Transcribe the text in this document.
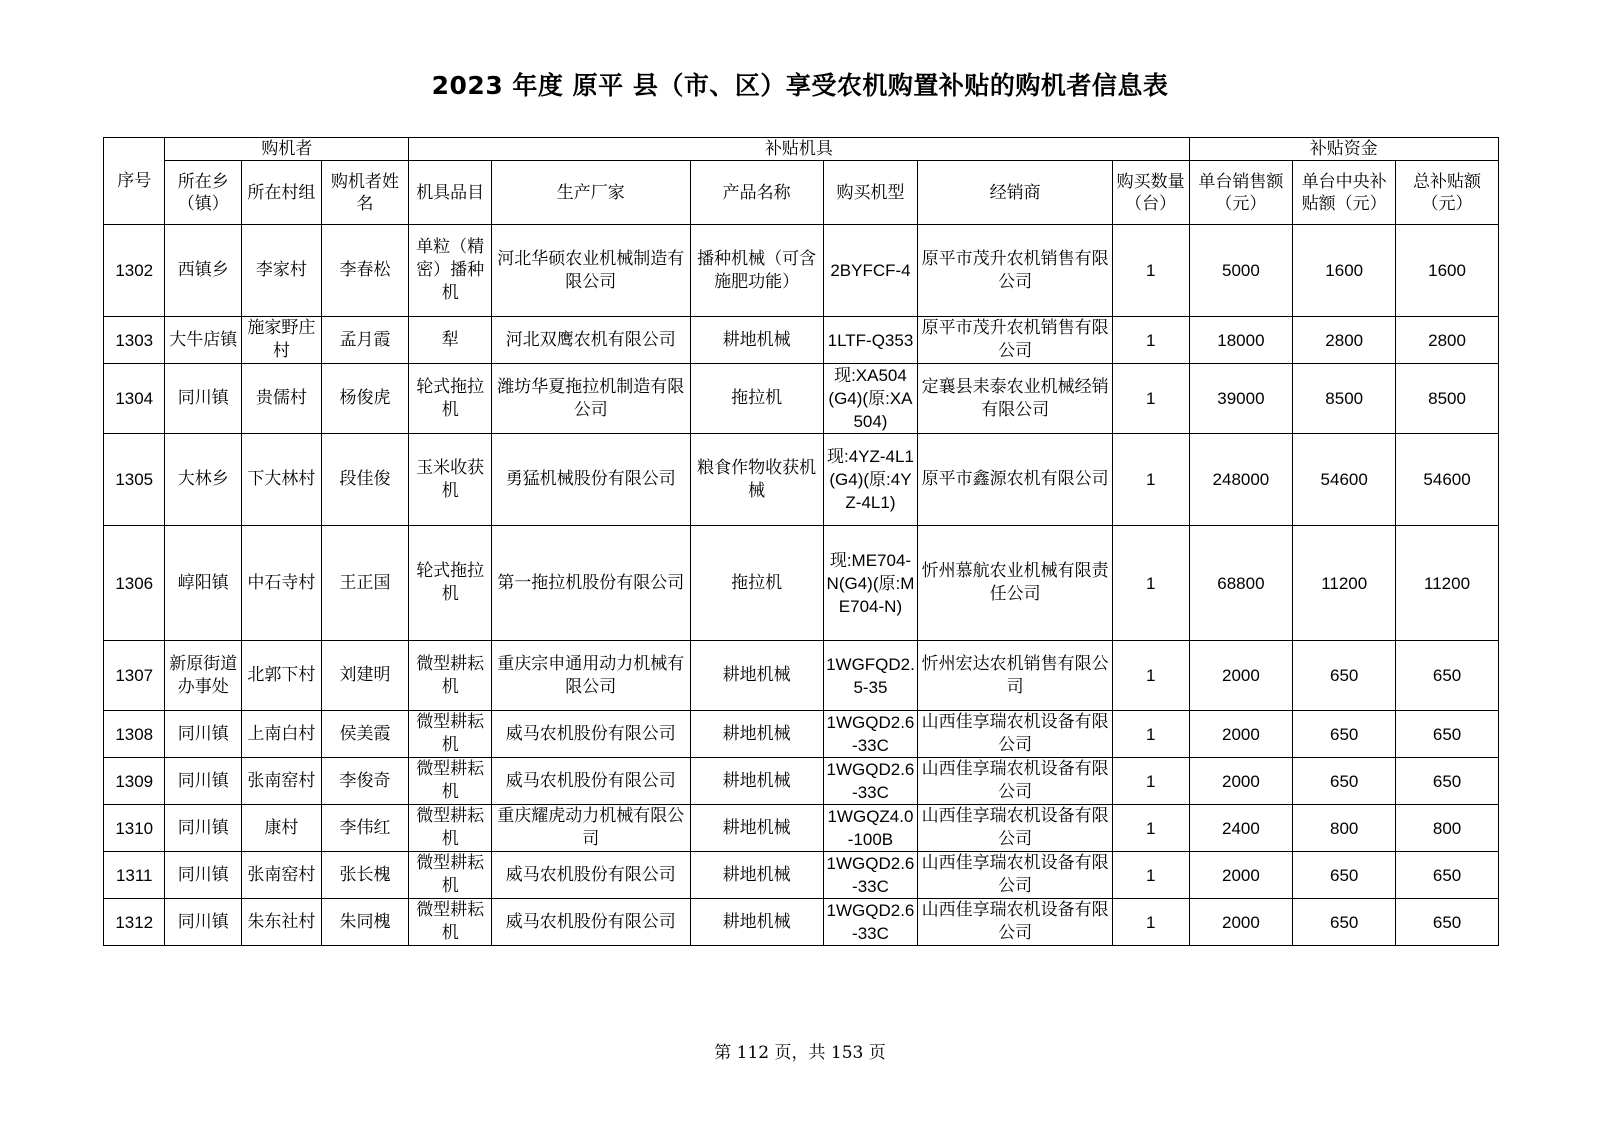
2023 年度 原平 县（市、区）享受农机购置补贴的购机者信息表
序号	购机者			补贴机具						补贴资金		
	所在乡（镇）	所在村组	购机者姓名	机具品目	生产厂家	产品名称	购买机型	经销商	购买数量（台）	单台销售额（元）	单台中央补贴额（元）	总补贴额（元）
1302	西镇乡	李家村	李春松	单粒（精密）播种机	河北华硕农业机械制造有限公司	播种机械（可含施肥功能）	2BYFCF-4	原平市茂升农机销售有限公司	1	5000	1600	1600
1303	大牛店镇	施家野庄村	孟月霞	犁	河北双鹰农机有限公司	耕地机械	1LTF-Q353	原平市茂升农机销售有限公司	1	18000	2800	2800
1304	同川镇	贵儒村	杨俊虎	轮式拖拉机	潍坊华夏拖拉机制造有限公司	拖拉机	现:XA504(G4)(原:XA504)	定襄县耒泰农业机械经销有限公司	1	39000	8500	8500
1305	大林乡	下大林村	段佳俊	玉米收获机	勇猛机械股份有限公司	粮食作物收获机械	现:4YZ-4L1(G4)(原:4YZ-4L1)	原平市鑫源农机有限公司	1	248000	54600	54600
1306	崞阳镇	中石寺村	王正国	轮式拖拉机	第一拖拉机股份有限公司	拖拉机	现:ME704-N(G4)(原:ME704-N)	忻州慕航农业机械有限责任公司	1	68800	11200	11200
1307	新原街道办事处	北郭下村	刘建明	微型耕耘机	重庆宗申通用动力机械有限公司	耕地机械	1WGFQD2.5-35	忻州宏达农机销售有限公司	1	2000	650	650
1308	同川镇	上南白村	侯美霞	微型耕耘机	威马农机股份有限公司	耕地机械	1WGQD2.6-33C	山西佳享瑞农机设备有限公司	1	2000	650	650
1309	同川镇	张南窑村	李俊奇	微型耕耘机	威马农机股份有限公司	耕地机械	1WGQD2.6-33C	山西佳享瑞农机设备有限公司	1	2000	650	650
1310	同川镇	康村	李伟红	微型耕耘机	重庆耀虎动力机械有限公司	耕地机械	1WGQZ4.0-100B	山西佳享瑞农机设备有限公司	1	2400	800	800
1311	同川镇	张南窑村	张长槐	微型耕耘机	威马农机股份有限公司	耕地机械	1WGQD2.6-33C	山西佳享瑞农机设备有限公司	1	2000	650	650
1312	同川镇	朱东社村	朱同槐	微型耕耘机	威马农机股份有限公司	耕地机械	1WGQD2.6-33C	山西佳享瑞农机设备有限公司	1	2000	650	650
第 112 页，共 153 页
